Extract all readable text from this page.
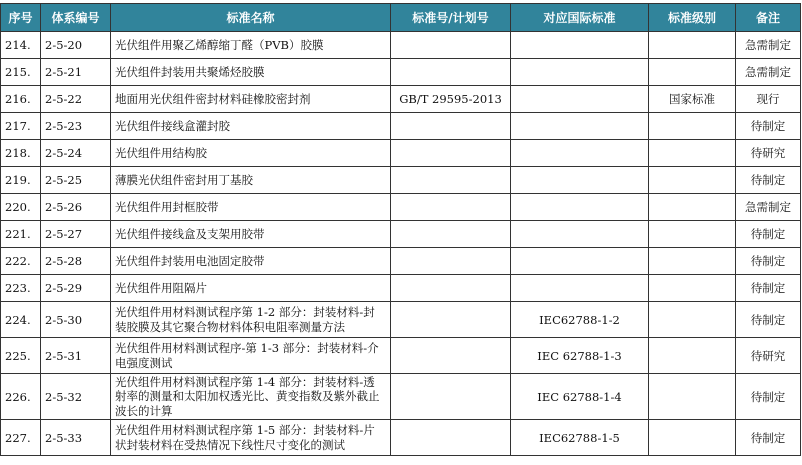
序号	体系编号	标准名称	标准号/计划号	对应国际标准	标准级别	备注
214.	2-5-20	光伏组件用聚乙烯醇缩丁醛（PVB）胶膜				急需制定
215.	2-5-21	光伏组件封装用共聚烯烃胶膜				急需制定
216.	2-5-22	地面用光伏组件密封材料硅橡胶密封剂	GB/T 29595-2013		国家标准	现行
217.	2-5-23	光伏组件接线盒灌封胶				待制定
218.	2-5-24	光伏组件用结构胶				待研究
219.	2-5-25	薄膜光伏组件密封用丁基胶				待制定
220.	2-5-26	光伏组件用封框胶带				急需制定
221.	2-5-27	光伏组件接线盒及支架用胶带				待制定
222.	2-5-28	光伏组件封装用电池固定胶带				待制定
223.	2-5-29	光伏组件用阻隔片				待制定
224.	2-5-30	光伏组件用材料测试程序第 1-2 部分：封装材料-封装胶膜及其它聚合物材料体积电阻率测量方法		IEC62788-1-2		待制定
225.	2-5-31	光伏组件用材料测试程序-第 1-3 部分：封装材料-介电强度测试		IEC 62788-1-3		待研究
226.	2-5-32	光伏组件用材料测试程序第 1-4 部分：封装材料-透射率的测量和太阳加权透光比、黄变指数及紫外截止波长的计算		IEC 62788-1-4		待制定
227.	2-5-33	光伏组件用材料测试程序第 1-5 部分：封装材料-片状封装材料在受热情况下线性尺寸变化的测试		IEC62788-1-5		待制定
